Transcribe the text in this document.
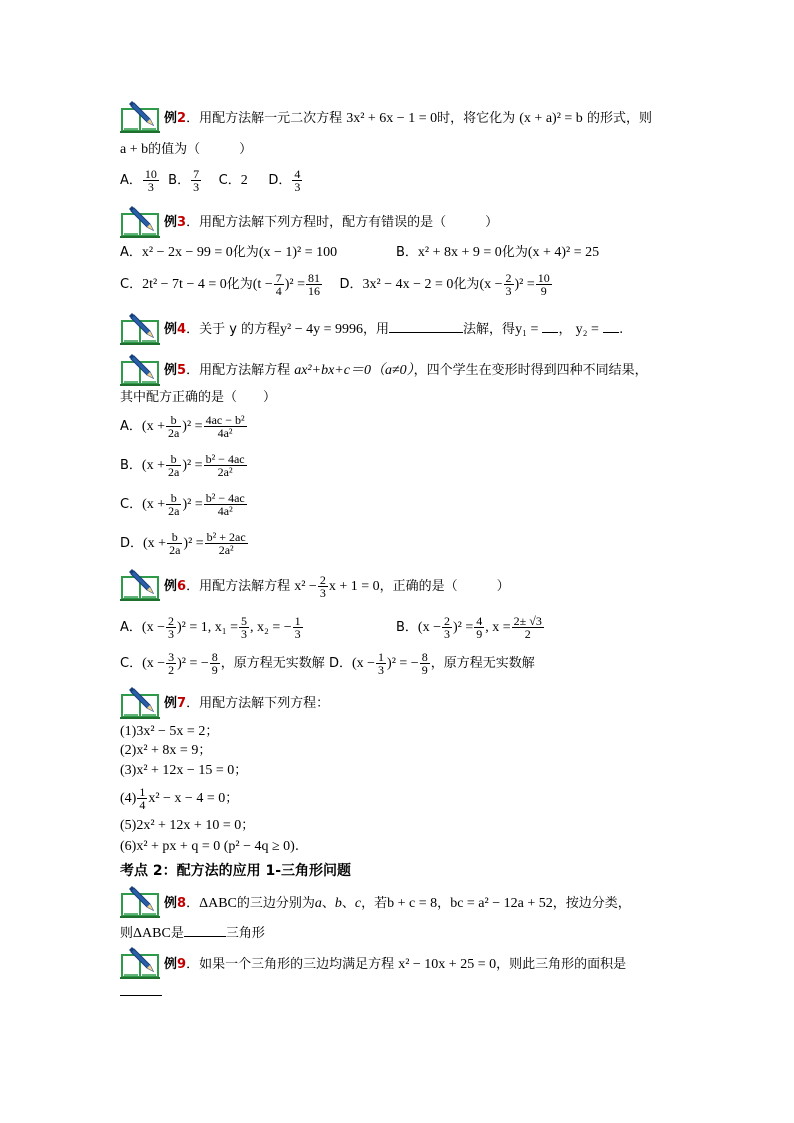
例2．用配方法解一元二次方程 3x² + 6x − 1 = 0时，将它化为 (x + a)² = b 的形式，则
a + b的值为（　　　）
A． $\frac{10}{3}$ B． $\frac{7}{3}$ C．2 D． $\frac{4}{3}$
例3．用配方法解下列方程时，配方有错误的是（　　　）
A．x² − 2x − 99 = 0化为(x − 1)² = 100	B．x² + 8x + 9 = 0化为(x + 4)² = 25
C．2t² − 7t − 4 = 0化为$(t - \frac{7}{4} )^2 = \frac{81}{16}$ D．3x² − 4x − 2 = 0化为$(x - \frac{2}{3} )^2 = \frac{10}{9}$
例4．关于 y 的方程y² − 4y = 9996，用	法解，得y₁ = ， y₂ = .
例5．用配方法解方程 ax²+bx+c＝0（a≠0），四个学生在变形时得到四种不同结果，
其中配方正确的是（　　）
A．$(x + \frac{b}{2a} )^2 = \frac{\text{4ac − b²}}{\text{4a²}}$
B．$(x + \frac{b}{2a} )^2 = \frac{\text{b² − 4ac}}{\text{2a²}}$
C．$(x + \frac{b}{2a} )^2 = \frac{\text{b² − 4ac}}{\text{4a²}}$
D．$(x + \frac{b}{2a} )^2 = \frac{\text{b² + 2ac}}{\text{2a²}}$
例6．用配方法解方程 $x^2 - \frac{2}{3}$ x + 1 = 0，正确的是（　　　）
A．$(x - \frac{2}{3} )^2 = 1$, $x_1 = \frac{5}{3}$ , x₂ = − $\frac{1}{3}$	B．$(x - \frac{2}{3} )^2 = \frac{4}{9}$ , $x = \frac{2\pm √3}{2}$
C．$(x - \frac{3}{2} )^2$ = − $\frac{8}{9}$ ，原方程无实数解 D．$(x - \frac{1}{3} )^2$ = − $\frac{8}{9}$ ，原方程无实数解
例7．用配方法解下列方程：
(1)3x² − 5x = 2；
(2)x² + 8x = 9；
(3)x² + 12x − 15 = 0；
$(4) \frac{1}{4} x^2 - x - 4 = 0$；
(5)2x² + 12x + 10 = 0；
(6)x² + px + q = 0 (p² − 4q ≥ 0).
考点 2：配方法的应用 1-三角形问题
例8．ΔABC的三边分别为a、b、c，若b + c = 8，bc = a² − 12a + 52，按边分类，
则ΔABC是	三角形
例9．如果一个三角形的三边均满足方程 x² − 10x + 25 = 0，则此三角形的面积是
